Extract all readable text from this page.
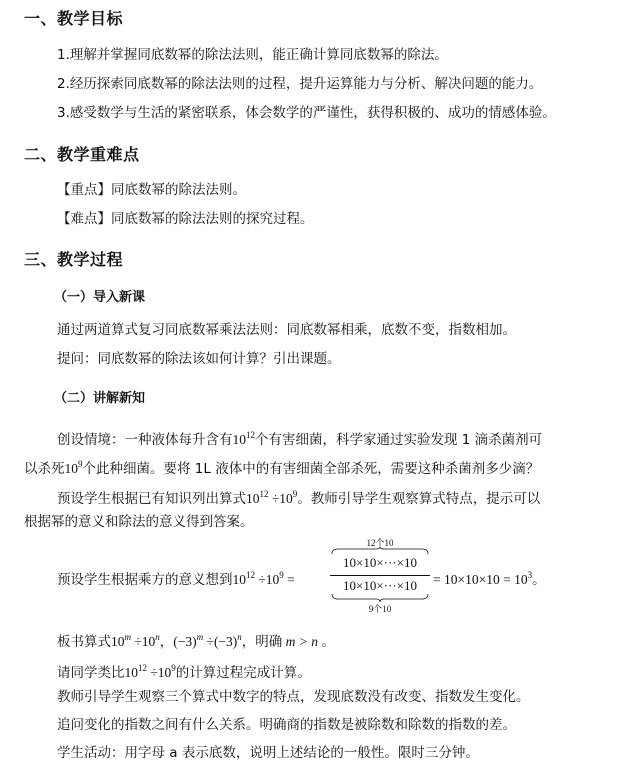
一、教学目标
1.理解并掌握同底数幂的除法法则，能正确计算同底数幂的除法。
2.经历探索同底数幂的除法法则的过程，提升运算能力与分析、解决问题的能力。
3.感受数学与生活的紧密联系，体会数学的严谨性，获得积极的、成功的情感体验。
二、教学重难点
【重点】同底数幂的除法法则。
【难点】同底数幂的除法法则的探究过程。
三、教学过程
（一）导入新课
通过两道算式复习同底数幂乘法法则：同底数幂相乘，底数不变，指数相加。
提问：同底数幂的除法该如何计算？引出课题。
（二）讲解新知
创设情境：一种液体每升含有$10^{12}$个有害细菌，科学家通过实验发现 1 滴杀菌剂可
以杀死$10^9$个此种细菌。要将 1L 液体中的有害细菌全部杀死，需要这种杀菌剂多少滴？
预设学生根据已有知识列出算式$10^{12} \div 10^9$。教师引导学生观察算式特点，提示可以
根据幂的意义和除法的意义得到答案。
预设学生根据乘方的意义想到$10^{12} \div 10^9$ =
12个10
10×10×···×10
10×10×···×10
9个10
= $10\times 10\times 10 = 10^3$。
板书算式$10^m \div 10^n$，$(-3)^m \div(-3)^n$，明确 m > n 。
请同学类比$10^{12} \div 10^9$的计算过程完成计算。
教师引导学生观察三个算式中数字的特点，发现底数没有改变、指数发生变化。
追问变化的指数之间有什么关系。明确商的指数是被除数和除数的指数的差。
学生活动：用字母 a 表示底数，说明上述结论的一般性。限时三分钟。
